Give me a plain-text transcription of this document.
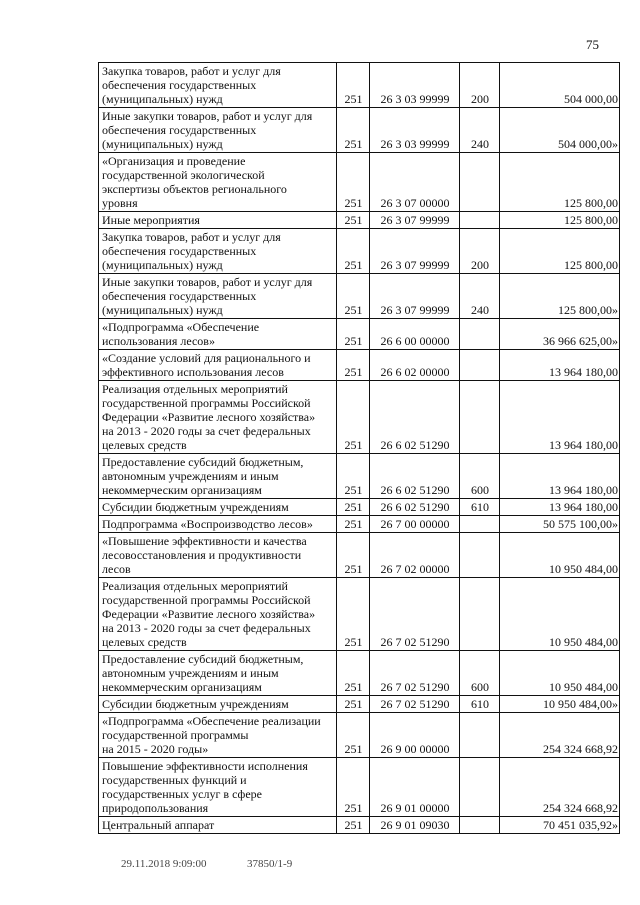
75
Закупка товаров, работ и услуг для
обеспечения государственных
(муниципальных) нужд	251	26 3 03 99999	200	504 000,00
Иные закупки товаров, работ и услуг для
обеспечения государственных
(муниципальных) нужд	251	26 3 03 99999	240	504 000,00»
«Организация и проведение
государственной экологической
экспертизы объектов регионального
уровня	251	26 3 07 00000		125 800,00
Иные мероприятия	251	26 3 07 99999		125 800,00
Закупка товаров, работ и услуг для
обеспечения государственных
(муниципальных) нужд	251	26 3 07 99999	200	125 800,00
Иные закупки товаров, работ и услуг для
обеспечения государственных
(муниципальных) нужд	251	26 3 07 99999	240	125 800,00»
«Подпрограмма «Обеспечение
использования лесов»	251	26 6 00 00000		36 966 625,00»
«Создание условий для рационального и
эффективного использования лесов	251	26 6 02 00000		13 964 180,00
Реализация отдельных мероприятий
государственной программы Российской
Федерации «Развитие лесного хозяйства»
на 2013 - 2020 годы за счет федеральных
целевых средств	251	26 6 02 51290		13 964 180,00
Предоставление субсидий бюджетным,
автономным учреждениям и иным
некоммерческим организациям	251	26 6 02 51290	600	13 964 180,00
Субсидии бюджетным учреждениям	251	26 6 02 51290	610	13 964 180,00
Подпрограмма «Воспроизводство лесов»	251	26 7 00 00000		50 575 100,00»
«Повышение эффективности и качества
лесовосстановления и продуктивности
лесов	251	26 7 02 00000		10 950 484,00
Реализация отдельных мероприятий
государственной программы Российской
Федерации «Развитие лесного хозяйства»
на 2013 - 2020 годы за счет федеральных
целевых средств	251	26 7 02 51290		10 950 484,00
Предоставление субсидий бюджетным,
автономным учреждениям и иным
некоммерческим организациям	251	26 7 02 51290	600	10 950 484,00
Субсидии бюджетным учреждениям	251	26 7 02 51290	610	10 950 484,00»
«Подпрограмма «Обеспечение реализации
государственной программы
на 2015 - 2020 годы»	251	26 9 00 00000		254 324 668,92
Повышение эффективности исполнения
государственных функций и
государственных услуг в сфере
природопользования	251	26 9 01 00000		254 324 668,92
Центральный аппарат	251	26 9 01 09030		70 451 035,92»
29.11.2018 9:09:00	37850/1-9
